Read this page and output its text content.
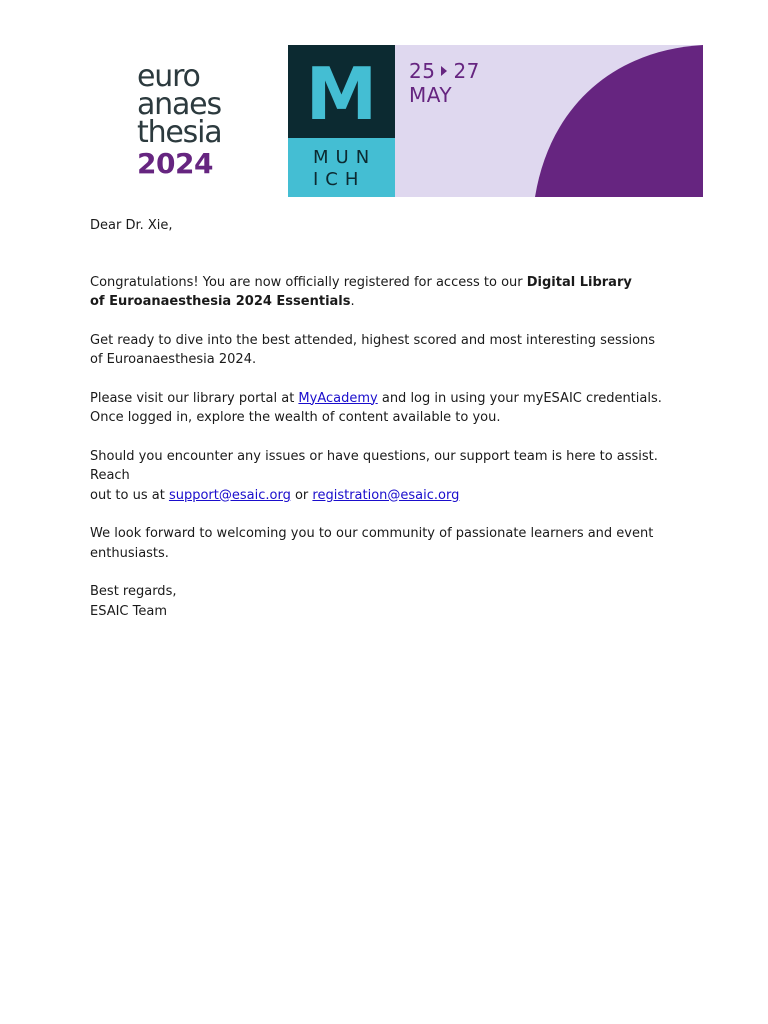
euro
anaes
thesia
2024
M
MUN
ICH
25 27
MAY

Dear Dr. Xie,

Congratulations! You are now officially registered for access to our Digital Library
of Euroanaesthesia 2024 Essentials.

Get ready to dive into the best attended, highest scored and most interesting sessions
of Euroanaesthesia 2024.

Please visit our library portal at MyAcademy and log in using your myESAIC credentials.
Once logged in, explore the wealth of content available to you.

Should you encounter any issues or have questions, our support team is here to assist. Reach
out to us at support@esaic.org or registration@esaic.org

We look forward to welcoming you to our community of passionate learners and event
enthusiasts.

Best regards,
ESAIC Team
